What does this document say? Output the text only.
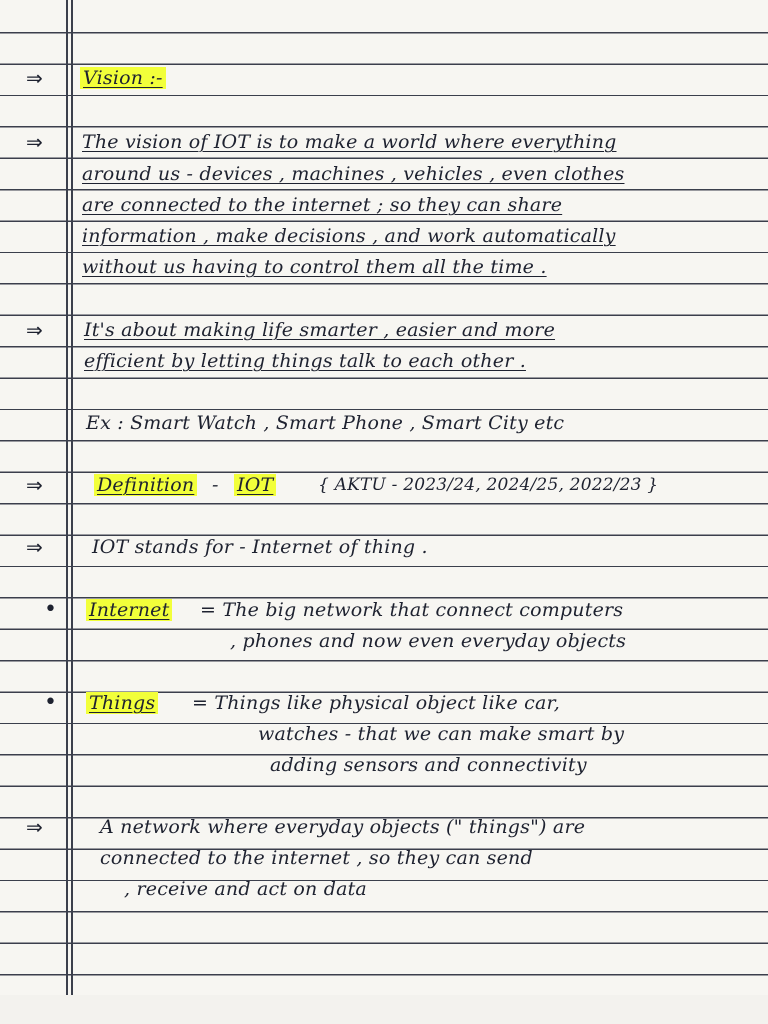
⇒ Vision :-
⇒ The vision of IOT is to make a world where everything
around us - devices , machines , vehicles , even clothes
are connected to the internet ; so they can share
information , make decisions , and work automatically
without us having to control them all the time .
⇒ It's about making life smarter , easier and more
efficient by letting things talk to each other .
Ex : Smart Watch , Smart Phone , Smart City etc
⇒	Definition - IOT	{ AKTU - 2023/24, 2024/25, 2022/23 }
⇒	IOT stands for - Internet of thing .
• Internet = The big network that connect computers
, phones and now even everyday objects
• Things = Things like physical object like car,
watches - that we can make smart by
adding sensors and connectivity
⇒	A network where everyday objects (" things") are
connected to the internet , so they can send
, receive and act on data
